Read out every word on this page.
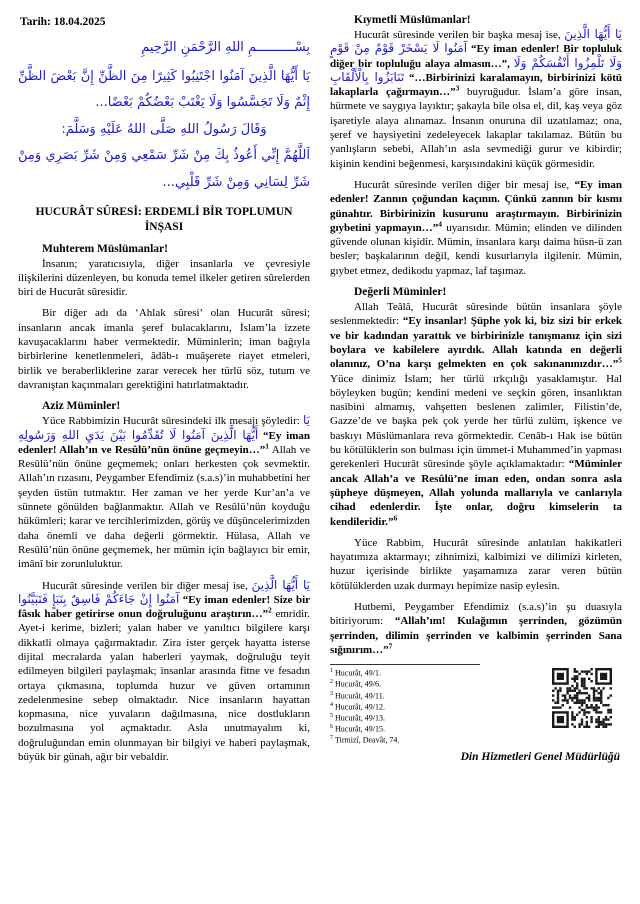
Tarih: 18.04.2025
بِسْــــــــــمِ اللهِ الرَّحْمَنِ الرَّحِيمِ
يَا أَيُّهَا الَّذِينَ آمَنُوا اجْتَنِبُوا كَثِيرًا مِنَ الظَّنِّ إِنَّ بَعْضَ الظَّنِّ إِثْمٌ وَلَا تَجَسَّسُوا وَلَا يَغْتَبْ بَعْضُكُمْ بَعْضًا...
وَقَالَ رَسُولُ اللهِ صَلَّى اللهُ عَلَيْهِ وَسَلَّمَ:
اَللَّهُمَّ إِنِّي أَعُوذُ بِكَ مِنْ شَرِّ سَمْعِي وَمِنْ شَرِّ بَصَرِي وَمِنْ شَرِّ لِسَانِي وَمِنْ شَرِّ قَلْبِي...
HUCURÂT SÛRESİ: ERDEMLİ BİR TOPLUMUN İNŞASI
Muhterem Müslümanlar!

İnsanın; yaratıcısıyla, diğer insanlarla ve çevresiyle ilişkilerini düzenleyen, bu konuda temel ilkeler getiren sûrelerden biri de Hucurât sûresidir.

Bir diğer adı da ‘Ahlak sûresi’ olan Hucurât sûresi; insanların ancak imanla şeref bulacaklarını, İslam’la izzete kavuşacaklarını haber vermektedir. Müminlerin; iman bağıyla birbirlerine kenetlenmeleri, âdâb-ı muâşerete riayet etmeleri, birlik ve beraberliklerine zarar verecek her türlü söz, tutum ve davranıştan kaçınmaları gerektiğini hatırlatmaktadır.

Aziz Müminler!

Yüce Rabbimizin Hucurât sûresindeki ilk mesajı şöyledir: يَا أَيُّهَا الَّذِينَ آمَنُوا لَا تُقَدِّمُوا بَيْنَ يَدَيِ اللهِ وَرَسُولِهِ “Ey iman edenler! Allah’ın ve Resûlü’nün önüne geçmeyin…”$^1$ Allah ve Resûlü’nün önüne geçmemek; onları herkesten çok sevmektir. Allah’ın rızasını, Peygamber Efendimiz (s.a.s)’in muhabbetini her şeyden üstün tutmaktır. Her zaman ve her yerde Kur’an’a ve sünnete gönülden bağlanmaktır. Allah ve Resûlü’nün koyduğu hükümleri; karar ve tercihlerimizden, görüş ve düşüncelerimizden daha önemli ve daha değerli görmektir. Hülasa, Allah ve Resûlü’nün önüne geçmemek, her mümin için bağlayıcı bir emir, imânî bir zorunluluktur.

Hucurât sûresinde verilen bir diğer mesaj ise, يَا أَيُّهَا الَّذِينَ آمَنُوا إِنْ جَاءَكُمْ فَاسِقٌ بِنَبَإٍ فَتَبَيَّنُوا “Ey iman edenler! Size bir fâsık haber getirirse onun doğruluğunu araştırın…”$^2$ emridir. Ayet-i kerime, bizleri; yalan haber ve yanıltıcı bilgilere karşı dikkatli olmaya çağırmaktadır. Zira ister gerçek hayatta isterse dijital mecralarda yalan haberleri yaymak, doğruluğu teyit edilmeyen bilgileri paylaşmak; insanlar arasında fitne ve fesadın ortaya çıkmasına, toplumda huzur ve güven ortamının zedelenmesine sebep olmaktadır. Nice insanların hayattan kopmasına, nice yuvaların dağılmasına, nice dostlukların bozulmasına yol açmaktadır. Asla unutmayalım ki, doğruluğundan emin olunmayan bir bilgiyi ve haberi paylaşmak, büyük bir günah, ağır bir vebaldir.

Kıymetli Müslümanlar!

Hucurât sûresinde verilen bir başka mesaj ise, يَا أَيُّهَا الَّذِينَ آمَنُوا لَا يَسْخَرْ قَوْمٌ مِنْ قَوْمٍ “Ey iman edenler! Bir topluluk diğer bir topluluğu alaya almasın…”, وَلَا تَلْمِزُوا أَنْفُسَكُمْ وَلَا تَنَابَزُوا بِالْأَلْقَابِ “…Birbirinizi karalamayın, birbirinizi kötü lakaplarla çağırmayın…”$^3$ buyruğudur. İslam’a göre insan, hürmete ve saygıya layıktır; şakayla bile olsa el, dil, kaş veya göz işaretiyle alaya alınamaz. İnsanın onuruna dil uzatılamaz; ona, şeref ve haysiyetini zedeleyecek lakaplar takılamaz. Bütün bu yanlışların sebebi, Allah’ın asla sevmediği gurur ve kibirdir; kişinin kendini beğenmesi, karşısındakini küçük görmesidir.

Hucurât sûresinde verilen diğer bir mesaj ise, “Ey iman edenler! Zannın çoğundan kaçının. Çünkü zannın bir kısmı günahtır. Birbirinizin kusurunu araştırmayın. Birbirinizin gıybetini yapmayın…”$^4$ uyarısıdır. Mümin; elinden ve dilinden güvende olunan kişidir. Mümin, insanlara karşı daima hüsn-ü zan besler; başkalarının değil, kendi kusurlarıyla ilgilenir. Mümin, gıybet etmez, dedikodu yapmaz, laf taşımaz.

Değerli Müminler!

Allah Teâlâ, Hucurât sûresinde bütün insanlara şöyle seslenmektedir: “Ey insanlar! Şüphe yok ki, biz sizi bir erkek ve bir kadından yarattık ve birbirinizle tanışmanız için sizi boylara ve kabilelere ayırdık. Allah katında en değerli olanınız, O’na karşı gelmekten en çok sakınanınızdır…”$^5$ Yüce dinimiz İslam; her türlü ırkçılığı yasaklamıştır. Hal böyleyken bugün; kendini medeni ve seçkin gören, insanlıktan nasibini almamış, vahşetten beslenen zalimler, Filistin’de, Gazze’de ve başka pek çok yerde her türlü zulüm, işkence ve baskıyı Müslümanlara reva görmektedir. Cenâb-ı Hak ise bütün bu kötülüklerin son bulması için ümmet-i Muhammed’in yapması gerekenleri Hucurât sûresinde şöyle açıklamaktadır: “Müminler ancak Allah’a ve Resûlü’ne iman eden, ondan sonra asla şüpheye düşmeyen, Allah yolunda mallarıyla ve canlarıyla cihad edenlerdir. İşte onlar, doğru kimselerin ta kendileridir.”$^6$

Yüce Rabbim, Hucurât sûresinde anlatılan hakikatleri hayatımıza aktarmayı; zihnimizi, kalbimizi ve dilimizi kirleten, huzur içerisinde birlikte yaşamamıza zarar veren bütün kötülüklerden uzak durmayı hepimize nasip eylesin.

Hutbemi, Peygamber Efendimiz (s.a.s)’in şu duasıyla bitiriyorum: “Allah’ım! Kulağımın şerrinden, gözümün şerrinden, dilimin şerrinden ve kalbimin şerrinden Sana sığınırım…”$^7$

$^1$ Hucurât, 49/1.
$^2$ Hucurât, 49/6.
$^3$ Hucurât, 49/11.
$^4$ Hucurât, 49/12.
$^5$ Hucurât, 49/13.
$^6$ Hucurât, 49/15.
$^7$ Tirmizî, Deavât, 74.
Din Hizmetleri Genel Müdürlüğü
